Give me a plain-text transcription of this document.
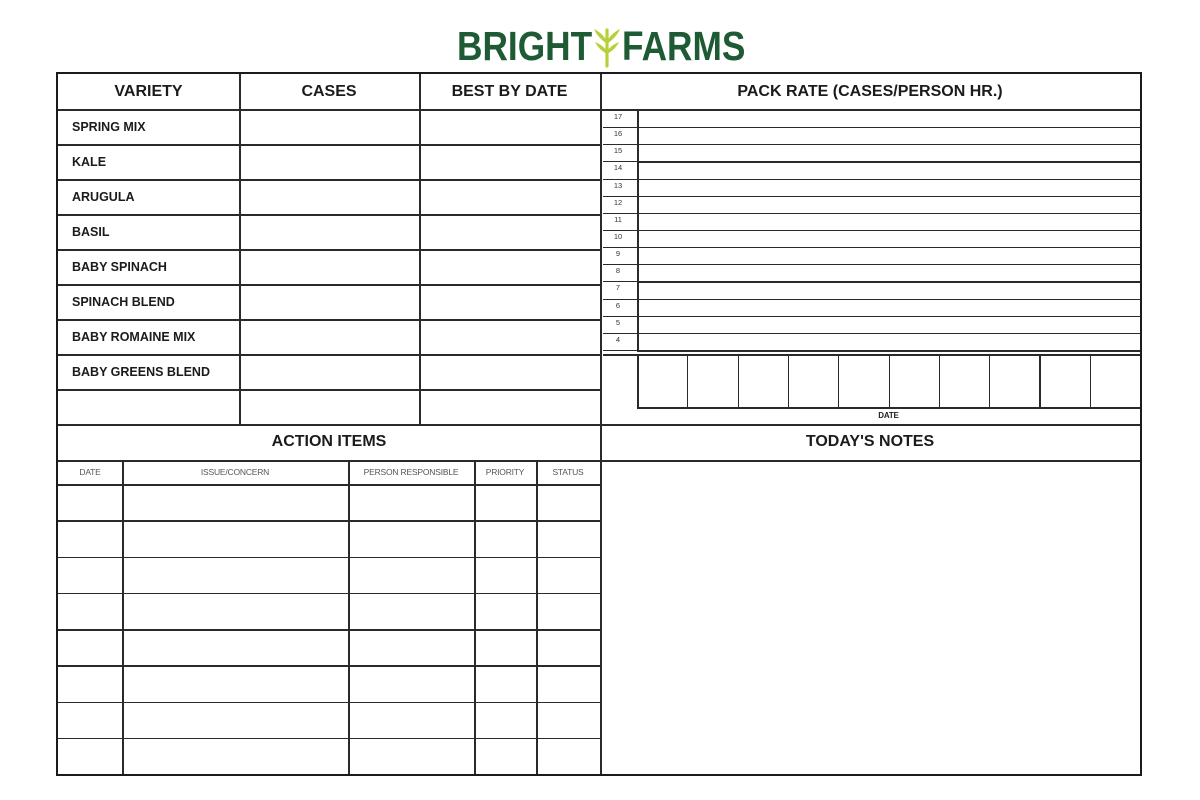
BRIGHT FARMS
VARIETY	CASES	BEST BY DATE
SPRING MIX
KALE
ARUGULA
BASIL
BABY SPINACH
SPINACH BLEND
BABY ROMAINE MIX
BABY GREENS BLEND
PACK RATE (CASES/PERSON HR.)
17
16
15
14
13
12
11
10
9
8
7
6
5
4
DATE
ACTION ITEMS
DATE	ISSUE/CONCERN	PERSON RESPONSIBLE	PRIORITY	STATUS
TODAY'S NOTES
